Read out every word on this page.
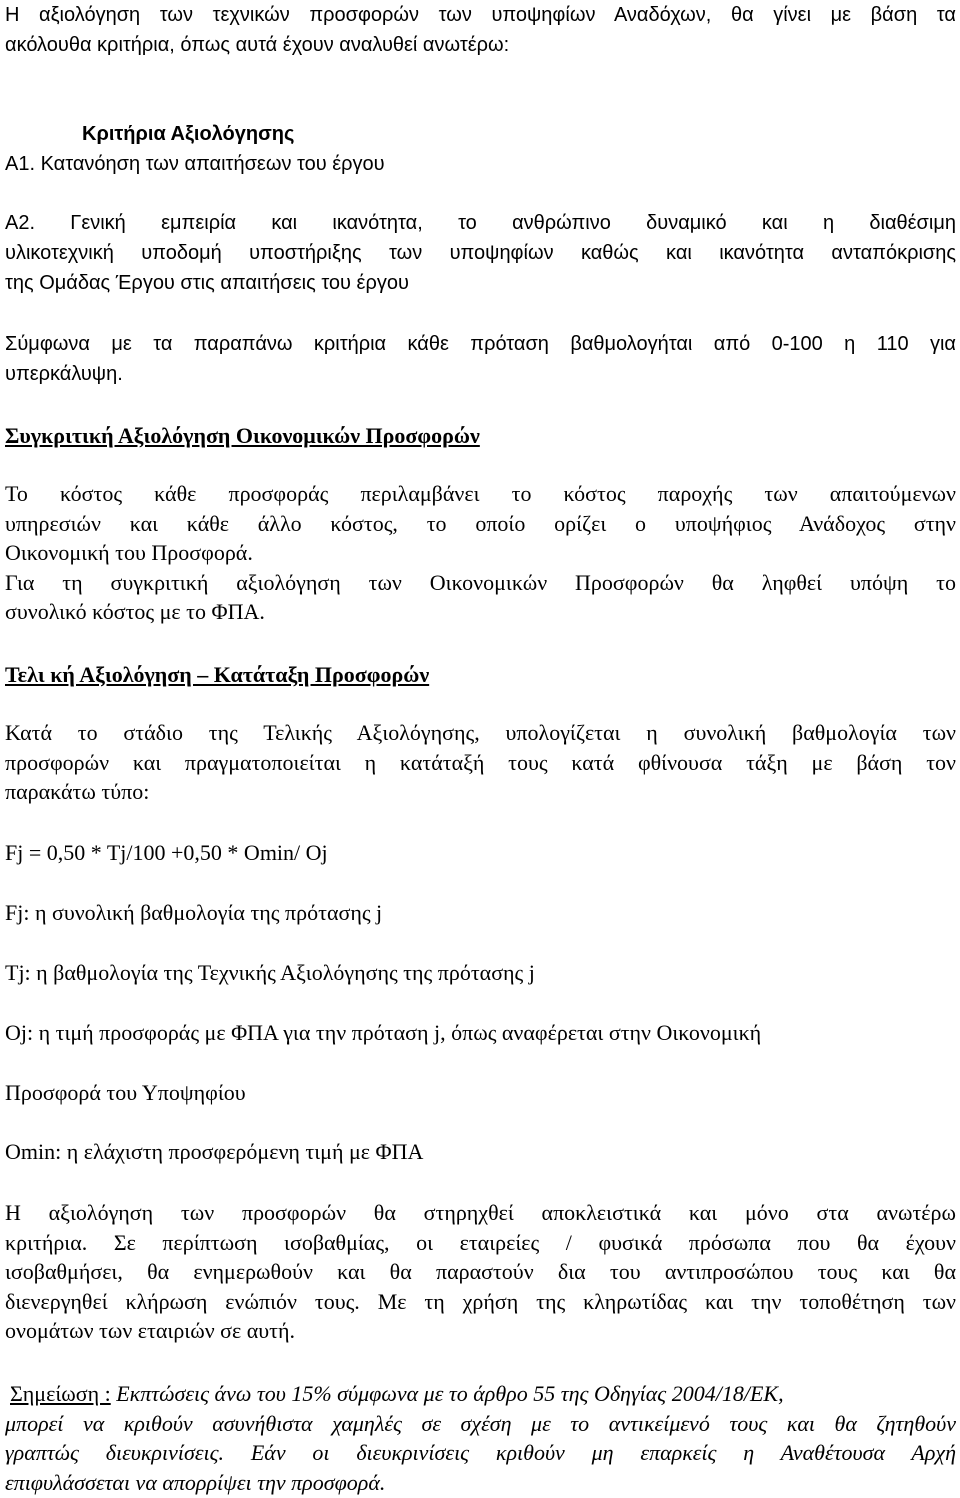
Η αξιολόγηση των τεχνικών προσφορών των υποψηφίων Αναδόχων, θα γίνει με βάση τα
ακόλουθα κριτήρια, όπως αυτά έχουν αναλυθεί ανωτέρω:
Κριτήρια Αξιολόγησης
Α1. Κατανόηση των απαιτήσεων του έργου
Α2. Γενική εμπειρία και ικανότητα, το ανθρώπινο δυναμικό και η διαθέσιμη
υλικοτεχνική υποδομή υποστήριξης των υποψηφίων καθώς και ικανότητα ανταπόκρισης
της Ομάδας Έργου στις απαιτήσεις του έργου
Σύμφωνα με τα παραπάνω κριτήρια κάθε πρόταση βαθμολογήται από 0-100 η 110 για
υπερκάλυψη.
Συγκριτική Αξιολόγηση Οικονομικών Προσφορών
Το κόστος κάθε προσφοράς περιλαμβάνει το κόστος παροχής των απαιτούμενων
υπηρεσιών και κάθε άλλο κόστος, το οποίο ορίζει ο υποψήφιος Ανάδοχος στην
Οικονομική του Προσφορά.
Για τη συγκριτική αξιολόγηση των Οικονομικών Προσφορών θα ληφθεί υπόψη το
συνολικό κόστος με το ΦΠΑ.
Τελι κή Αξιολόγηση – Κατάταξη Προσφορών
Κατά το στάδιο της Τελικής Αξιολόγησης, υπολογίζεται η συνολική βαθμολογία των
προσφορών και πραγματοποιείται η κατάταξή τους κατά φθίνουσα τάξη με βάση τον
παρακάτω τύπο:
Fj = 0,50 * Tj/100 +0,50 * Omin/ Oj
Fj: η συνολική βαθμολογία της πρότασης j
Tj: η βαθμολογία της Τεχνικής Αξιολόγησης της πρότασης j
Oj: η τιμή προσφοράς με ΦΠΑ για την πρόταση j, όπως αναφέρεται στην Οικονομική
Προσφορά του Υποψηφίου
Omin: η ελάχιστη προσφερόμενη τιμή με ΦΠΑ
Η αξιολόγηση των προσφορών θα στηρηχθεί αποκλειστικά και μόνο στα ανωτέρω
κριτήρια. Σε περίπτωση ισοβαθμίας, οι εταιρείες / φυσικά πρόσωπα που θα έχουν
ισοβαθμήσει, θα ενημερωθούν και θα παραστούν δια του αντιπροσώπου τους και θα
διενεργηθεί κλήρωση ενώπιόν τους. Με τη χρήση της κληρωτίδας και την τοποθέτηση των
ονομάτων των εταιριών σε αυτή.
Σημείωση : Εκπτώσεις άνω του 15% σύμφωνα με το άρθρο 55 της Οδηγίας 2004/18/ΕΚ,
μπορεί να κριθούν ασυνήθιστα χαμηλές σε σχέση με το αντικείμενό τους και θα ζητηθούν
γραπτώς διευκρινίσεις. Εάν οι διευκρινίσεις κριθούν μη επαρκείς η Αναθέτουσα Αρχή
επιφυλάσσεται να απορρίψει την προσφορά.
